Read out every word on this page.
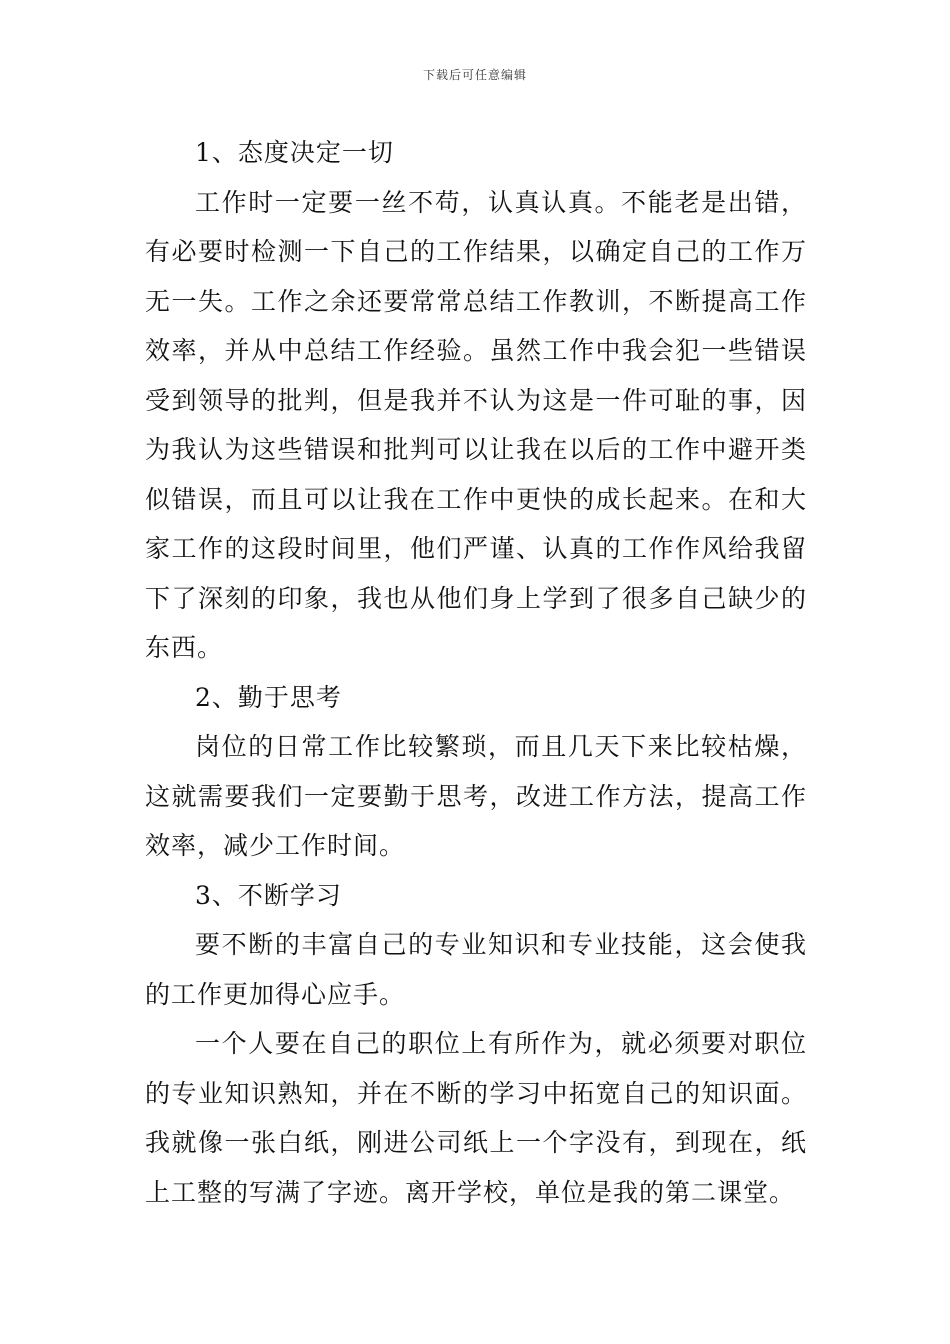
下载后可任意编辑

1、态度决定一切

工作时一定要一丝不苟，认真认真。不能老是出错，有必要时检测一下自己的工作结果，以确定自己的工作万无一失。工作之余还要常常总结工作教训，不断提高工作效率，并从中总结工作经验。虽然工作中我会犯一些错误受到领导的批判，但是我并不认为这是一件可耻的事，因为我认为这些错误和批判可以让我在以后的工作中避开类似错误，而且可以让我在工作中更快的成长起来。在和大家工作的这段时间里，他们严谨、认真的工作作风给我留下了深刻的印象，我也从他们身上学到了很多自己缺少的东西。

2、勤于思考

岗位的日常工作比较繁琐，而且几天下来比较枯燥，这就需要我们一定要勤于思考，改进工作方法，提高工作效率，减少工作时间。

3、不断学习

要不断的丰富自己的专业知识和专业技能，这会使我的工作更加得心应手。

一个人要在自己的职位上有所作为，就必须要对职位的专业知识熟知，并在不断的学习中拓宽自己的知识面。我就像一张白纸，刚进公司纸上一个字没有，到现在，纸上工整的写满了字迹。离开学校，单位是我的第二课堂。
